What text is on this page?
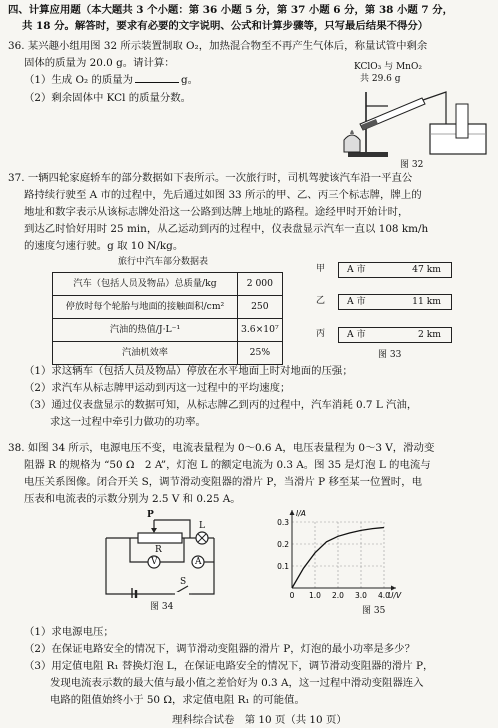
四、计算应用题（本大题共 3 个小题：第 36 小题 5 分，第 37 小题 6 分，第 38 小题 7 分，
共 18 分。解答时，要求有必要的文字说明、公式和计算步骤等，只写最后结果不得分）
36. 某兴趣小组用图 32 所示装置制取 O₂，加热混合物至不再产生气体后，称量试管中剩余
固体的质量为 20.0 g。请计算：
（1）生成 O₂ 的质量为	g。
（2）剩余固体中 KCl 的质量分数。
KClO₃ 与 MnO₂
共 29.6 g
图 32
37. 一辆四轮家庭轿车的部分数据如下表所示。一次旅行时，司机驾驶该汽车沿一平直公
路持续行驶至 A 市的过程中，先后通过如图 33 所示的甲、乙、丙三个标志牌，牌上的
地址和数字表示从该标志牌处沿这一公路到达牌上地址的路程。途经甲时开始计时，
到达乙时恰好用时 25 min，从乙运动到丙的过程中，仪表盘显示汽车一直以 108 km/h
的速度匀速行驶。g 取 10 N/kg。
旅行中汽车部分数据表
汽车（包括人员及物品）总质量/kg	2 000
停放时每个轮胎与地面的接触面积/cm²	250
汽油的热值/J·L⁻¹	3.6×10⁷
汽油机效率	25%
甲 A 市	47 km
乙 A 市	11 km
丙 A 市	2 km
图 33
（1）求这辆车（包括人员及物品）停放在水平地面上时对地面的压强；
（2）求汽车从标志牌甲运动到丙这一过程中的平均速度；
（3）通过仪表盘显示的数据可知，从标志牌乙到丙的过程中，汽车消耗 0.7 L 汽油，
求这一过程中牵引力做功的功率。
38. 如图 34 所示，电源电压不变，电流表量程为 0～0.6 A，电压表量程为 0～3 V，滑动变
阻器 R 的规格为 “50 Ω　2 A”，灯泡 L 的额定电流为 0.3 A。图 35 是灯泡 L 的电流与
电压关系图像。闭合开关 S，调节滑动变阻器的滑片 P，当滑片 P 移至某一位置时，电
压表和电流表的示数分别为 2.5 V 和 0.25 A。
P
R
L
V	A
S
图 34
0 1.0 2.0 3.0 4.0
0.1
0.2
0.3
U/V
I/A
图 35
（1）求电源电压；
（2）在保证电路安全的情况下，调节滑动变阻器的滑片 P，灯泡的最小功率是多少？
（3）用定值电阻 R₁ 替换灯泡 L，在保证电路安全的情况下，调节滑动变阻器的滑片 P，
发现电流表示数的最大值与最小值之差恰好为 0.3 A，这一过程中滑动变阻器连入
电路的阻值始终小于 50 Ω，求定值电阻 R₁ 的可能值。
理科综合试卷　第 10 页（共 10 页）
